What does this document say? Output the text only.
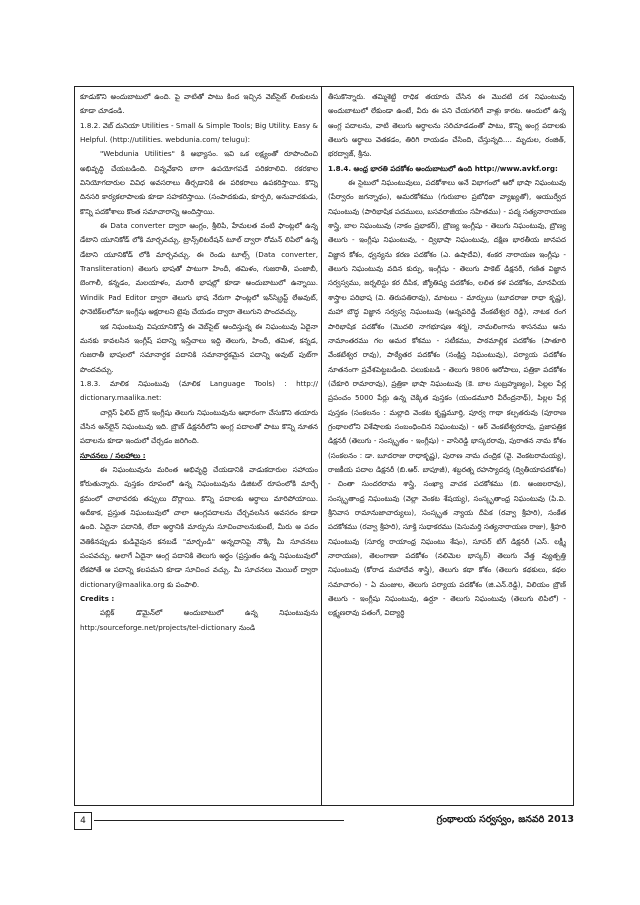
కూడుకొని అందుబాటులో ఉంది. పై వాటితో పాటు కింద ఇచ్చిన వెబ్‌సైట్ లింకులను కూడా చూడండి.

1.8.2. వెబ్ దునియా Utilities - Small & Simple Tools; Big Utility. Easy & Helpful. (http://utilities. webdunia.com/ telugu):

"Webdunia Utilities" కి అభ్యాసం. ఇవి ఒక లక్ష్యంతో రూపొందించి అభివృద్ధి చేయబడింది. చిన్నవేకాని బాగా ఉపయోగపడే పరికరాలివి. రకరకాల వినియోగదారుల వివిధ అవసరాలు తీర్చడానికి ఈ పరికరాలు ఉపకరిస్తాయి. కొన్ని దినసరి కార్యకలాపాలకు కూడా సహకరిస్తాయి. (సంపాదకుడు, కూర్పరి, అనువాదకుడు, కొన్ని పదకోశాలు కొంత సమాచారాన్ని అందిస్తాయి.

ఈ Data converter ద్వారా ఆంగ్లం, శ్రీలిపి, హేమలత వంటి ఫాంట్లలో ఉన్న డేటాని యూనికోడ్ లోకి మార్చవచ్చు. ట్రాన్స్‌లిటరేషన్ టూల్ ద్వారా రోమన్ లిపిలో ఉన్న డేటాని యూనికోడ్ లోకి మార్చవచ్చు. ఈ రెండు టూల్స్ (Data converter, Transliteration) తెలుగు భాషతో పాటుగా హిందీ, తమిళం, గుజరాతీ, పంజాబీ, బెంగాలీ, కన్నడం, మలయాళం, మరాఠీ భాషల్లో కూడా అందుబాటులో ఉన్నాయి. Windik Pad Editor ద్వారా తెలుగు భాష నేరుగా ఫాంట్లలో ఇన్‌స్క్రిప్ట్ లేఅవుట్, ఫొనెటిక్‌లలోనూ ఇంగ్లీషు అక్షరాలని టైపు చేయడం ద్వారా తెలుగుని పొందవచ్చు.

ఇక నిఘంటువు విషయానికొస్తే ఈ వెబ్‌సైట్ అందిస్తున్న ఈ నిఘంటువు ఏదైనా మనకు కావలసిన ఇంగ్లీష్ పదాన్ని ఇస్తేచాలు ఇద్ది తెలుగు, హిందీ, తమిళ, కన్నడ, గుజరాతీ భాషలలో సమానార్థక పదానికి సమానార్థకమైన పదాన్ని అవుట్ పుట్‌గా పొందవచ్చు.

1.8.3. మాలిక నిఘంటువు (మాలిక Language Tools) : http:// dictionary.maalika.net:

చార్లెస్ ఫిలిప్ బ్రౌన్ ఇంగ్లీషు తెలుగు నిఘంటువును ఆధారంగా చేసుకొని తయారు చేసిన ఆన్‌లైన్ నిఘంటువు ఇది. బ్రౌణ్ డిక్షనరీలోని అంగ్ల పదాలతో పాటు కొన్ని నూతన పదాలను కూడా ఇందులో చేర్చడం జరిగింది.

సూచనలు / సలహాలు :

ఈ నిఘంటువును మరింత అభివృద్ధి చేయడానికి వాడుకదారుల సహాయం కోరుతున్నారు. పుస్తకం రూపంలో ఉన్న నిఘంటువును డిజిటల్ రూపంలోకి మార్చే క్రమంలో చాలావరకు తప్పులు దొర్లాయి. కొన్ని పదాలకు అర్థాలు మారిపోయాయి. అదీకాక, ప్రస్తుత నిఘంటువులో చాలా ఆంగ్లపదాలను చేర్చవలసిన అవసరం కూడా ఉంది. ఏదైనా పదానికి, లేదా అర్థానికి మార్పును సూచించాలనుకుంటే, మీరు ఆ పదం వెతికినప్పుడు కుడివైపున కనబడే "మార్చండి" అన్నదానిపై నొక్కి మీ సూచనలు పంపవచ్చు. అలాగే ఏదైనా ఆంగ్ల పదానికి తెలుగు అర్థం (ప్రస్తుతం ఉన్న నిఘంటువులో లేకపోతే ఆ పదాన్ని కలపమని కూడా సూచించ వచ్చు. మీ సూచనలు మెయిల్ ద్వారా dictionary@maalika.org కు పంపాలి.

Credits :

పబ్లిక్ డొమైన్‌లో అందుబాటులో ఉన్న నిఘంటువును http:/sourceforge.net/projects/tel-dictionary నుండి

తీసుకొన్నారు. తమ్మిశెట్టి రాధిక తయారు చేసిన ఈ మొదటి దశ నిఘంటువు అందుబాటులో లేకుండా ఉంటే, వీరు ఈ పని చేయగలిగే వాళ్లు కారట. అందులో ఉన్న ఆంగ్ల పదాలను, వాటి తెలుగు అర్థాలను సరిచూడడంతో పాటు, కొన్ని అంగ్ల పదాలకు తెలుగు అర్థాలు వెతకడం, తిరిగి రాయడం చేసింది, చేస్తున్నది.... మృదుల, రంజిత్, భరద్వాజ్, శ్రీను.

1.8.4. ఆంధ్ర భారతి పదకోశం అందుబాటులో ఉంది http://www.avkf.org:

ఈ సైటులో నిఘంటువులు, పదకోశాలు అనే విభాగంలో ఆరో భాషా నిఘంటువు (పేర్వారం జగన్నాథం), అమరకోశము (గురుబాల ప్రబోధికా వ్యాఖ్యతో), ఆయుర్వేద నిఘంటువు (పారిభాషిక పదములు, బసవరాజీయం సహితము) - పద్మ సత్యనారాయణ శాస్త్రి, బాల నిఘంటువు (నాకం ప్రభాకర్), బ్రౌణ్య ఇంగ్లీషు - తెలుగు నిఘంటువు, బ్రౌణ్య తెలుగు - ఇంగ్లీషు నిఘంటువు, - ద్విభాషా నిఘంటువు, దక్షిణ భారతీయ జానపద విజ్ఞాన కోశం, ధ్వన్యను కరణ పదకోశం (ఎ. ఉషాదేవి), శంకర నారాయణ ఇంగ్లీషు - తెలుగు నిఘంటువు వదిన కుర్పు, ఇంగ్లీషు - తెలుగు పాకెట్ డిక్షనరీ, గణిత విజ్ఞాన సర్వస్వము, జర్నలిస్టు కర దీపిక, జ్యోతిష్య పదకోశం, లలిత కళ పదకోశం, మానవీయ శాస్త్రాల పరిభాష (వి. తిరుపతిరావు), మాటలు - మార్పులు (బూదరాజు రాధా కృష్ణ), మహా బౌద్ధ విజ్ఞాన సర్వస్వ నిఘంటువు (అన్నపరెడ్డి వేంకటేశ్వర రెడ్డి), నాటక రంగ పారిభాషిక పదకోశం (మొదలి నాగభూషణ శర్మ), నామలింగాను శాసనము అను నామాంతరము గల అమర కోశము - సటీకము, పాఠమాల్లిక పదకోశం (పాతూరి వేంకటేశ్వర రావు), పాఠ్యేతర పదకోశం (సంక్షిప్త నిఘంటువు), పర్యాయ పదకోశం నూతనంగా ప్రవేశపెట్టబడింది. పలుకుబడి - తెలుగు 9806 ఆరోపాలు, పత్రికా పదకోశం (చేకూరి రామారావు), ప్రత్రికా భాషా నిఘంటువు (కె. బాల సుబ్రహ్మణ్యం), పిల్లల పేర్ల ప్రపంచం 5000 పేర్లు ఉన్న చెక్కిత పుస్తకం (యండమూరి వీరేంద్రనాథ్), పిల్లల పేర్ల పుస్తకం (సంకలనం : మల్లాది వెంకట కృష్ణమూర్తి, పూర్వ గాథా కల్పతరువు (పూరాణ గ్రంథాలలోని విశేషాలకు సంబంధించిన నిఘంటువు) - ఆర్ వెంకటేశ్వరరావు, ప్రజాపత్రిక డిక్షనరీ (తెలుగు - సంస్కృతం - ఇంగ్లీషు) - వాసిరెడ్డి భాస్కరరావు, పురాతన నామ కోశం (సంకలనం : డా. బూదరాజు రాధాకృష్ణ), పురాణ నామ చంద్రిక (వై. వెంకటరామయ్య), రాజకీయ పదాల డిక్షనరీ (బి.ఆర్. బాపూజీ), శబ్దరత్న రహస్యాదర్శ (ద్వితీయాపదకోశం) - చింతా సుందరరామ శాస్త్రి, సంఖ్యా వాచక పదకోశము (బి. అంజలరావు), సంస్కృతాంధ్ర నిఘంటువు (వెల్లా వెంకట శేషయ్య), సంస్కృతాంధ్ర నిఘంటువు (పి.వి. శ్రీనివాస రామానుజాచార్యులు), సంస్కృత న్యాయ దీపిక (రవ్వా శ్రీహరి), సంకేత పదకోశము (రవ్వా శ్రీహరి), సూక్తి సుధాకరము (పెసుమర్తి సత్యనారాయణ రాజు), శ్రీహరి నిఘంటువు (సూర్య రాయాంధ్ర నిఘంటు శేషం), సూపర్ టిగ్ డిక్షనరీ (ఎస్. లక్ష్మీ నారాయణ), తెలంగాణా పదకోశం (నలిమెల భాస్కర్) తెలుగు వేత్త వ్యుత్పత్తి నిఘంటువు (కోరాడ మహాదేవ శాస్త్రి), తెలుగు కథా కోశం (తెలుగు కథకులు, కథల సమాచారం) - ఏ మంజుల, తెలుగు పర్యాయ పదకోశం (జి.ఎన్.రెడ్డి), విలియం బ్రౌణ్ తెలుగు - ఇంగ్లీషు నిఘంటువు, ఉర్దూ - తెలుగు నిఘంటువు (తెలుగు లిపిలో) - లక్ష్మణరావు పతంగే, విద్యార్థి

4	గ్రంథాలయ సర్వస్వం, జనవరి 2013
